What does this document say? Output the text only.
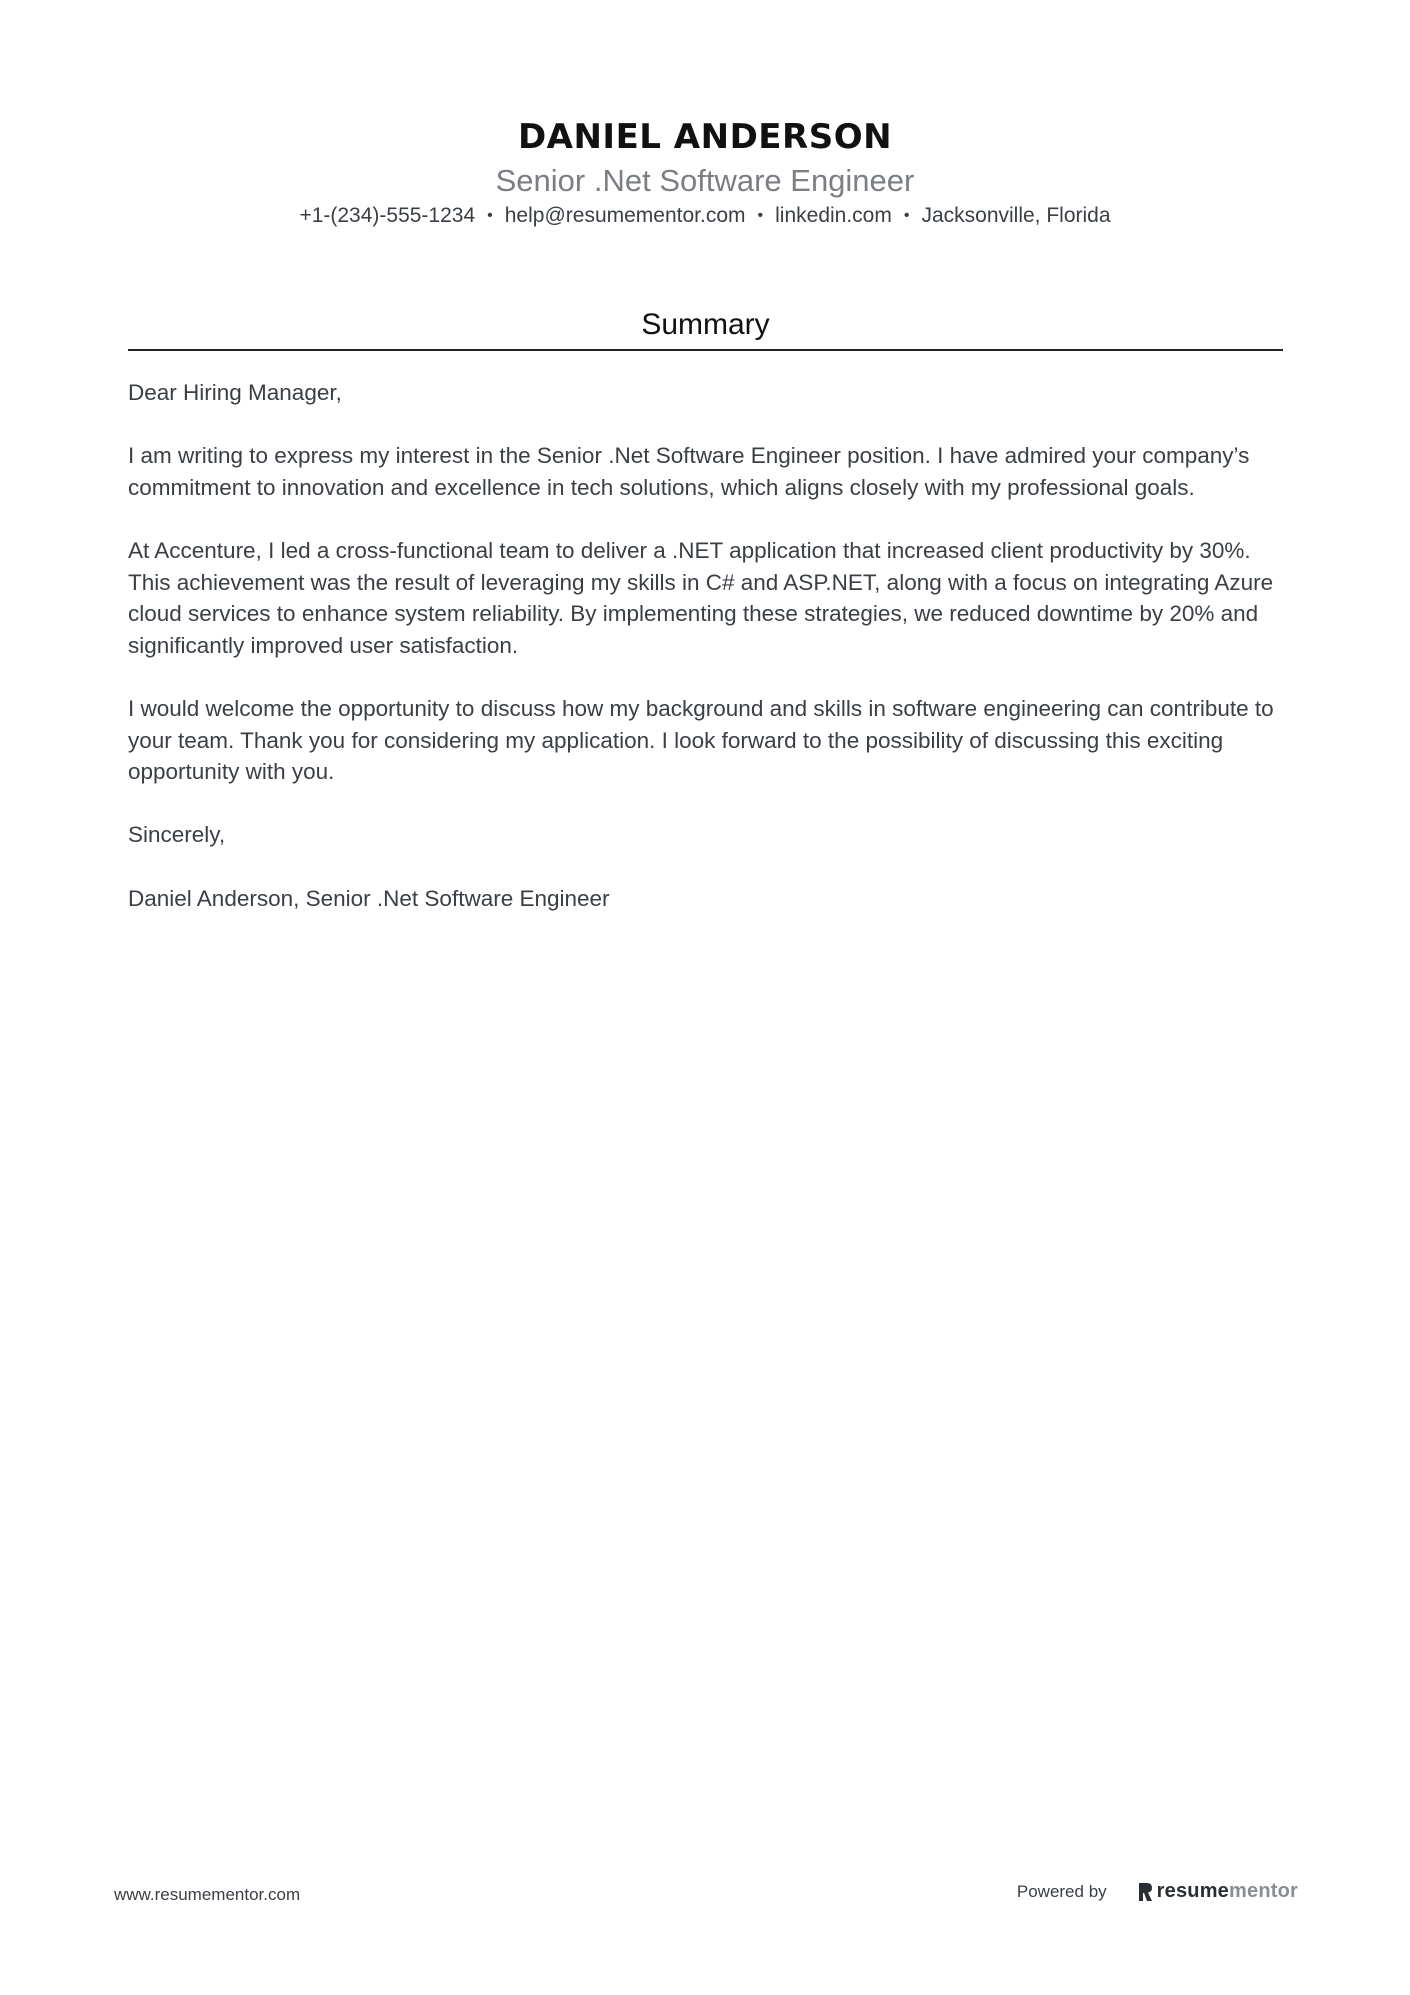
DANIEL ANDERSON
Senior .Net Software Engineer
+1-(234)-555-1234 • help@resumementor.com • linkedin.com • Jacksonville, Florida
Summary

Dear Hiring Manager,

I am writing to express my interest in the Senior .Net Software Engineer position. I have admired your company’s commitment to innovation and excellence in tech solutions, which aligns closely with my professional goals.

At Accenture, I led a cross-functional team to deliver a .NET application that increased client productivity by 30%. This achievement was the result of leveraging my skills in C# and ASP.NET, along with a focus on integrating Azure cloud services to enhance system reliability. By implementing these strategies, we reduced downtime by 20% and significantly improved user satisfaction.

I would welcome the opportunity to discuss how my background and skills in software engineering can contribute to your team. Thank you for considering my application. I look forward to the possibility of discussing this exciting opportunity with you.

Sincerely,

Daniel Anderson, Senior .Net Software Engineer

www.resumementor.com	Powered by	resume mentor
